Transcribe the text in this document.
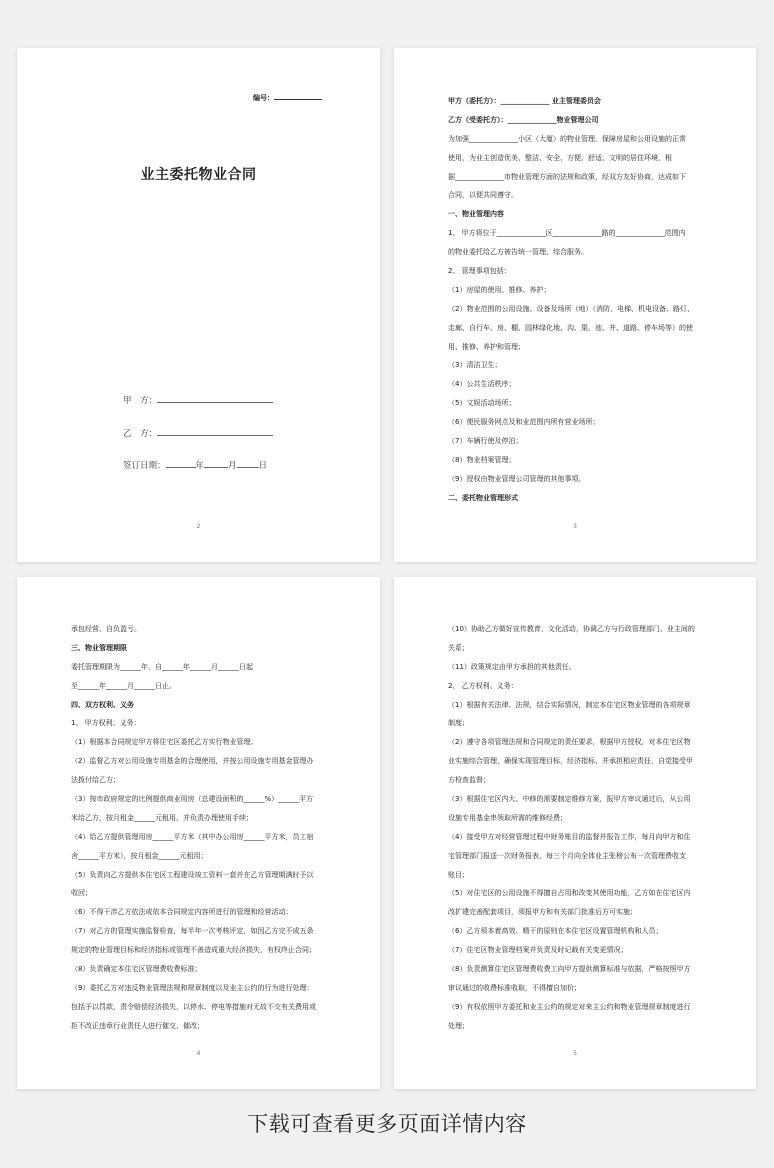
编号：
业主委托物业合同
甲　方：
乙　方：
签订日期：	年	月	日
2

甲方（委托方）：______________ 业主管理委员会

乙方（受委托方）：______________物业管理公司

为加强______________小区（大厦）的物业管理，保障房屋和公用设施的正常

使用，为业主创造优美、整洁、安全、方便、舒适、文明的居住环境，根

据______________市物业管理方面的法规和政策，经双方友好协商，达成如下

合同，以便共同遵守。

一、物业管理内容

1、 甲方将位于______________区______________路的______________范围内

的物业委托给乙方被告统一管理、综合服务。

2、 管理事项包括：

（1）房屋的使用、推修、养护；

（2）物业范围的公用设施、设备及场所（地）（消防、电梯、机电设备、路灯、

走廊、自行车、房、棚、园林绿化地、沟、渠、池、井、道路、停车场等）的使

用、推修、养护和管理；

（3）清洁卫生；

（4）公共生活秩序；

（5）文娱活动场所；

（6）便民服务网点及和业范围内所有营业场所；

（7）车辆行使及停泊；

（8）物业档案管理；

（9）授权由物业管理公司管理的其他事项。

二、委托物业管理形式

3

承包经营、自负盈亏。

三、物业管理期限

委托管理期限为______年，自______年______月______日起

至______年______月______日止。

四、双方权利、义务

1、 甲方权利、义务：

（1）根据本合同规定甲方将住宅区委托乙方实行物业管理；

（2）监督乙方对公用设施专用基金的合理使用，并按公用设施专用基金管理办

法拨付给乙方；

（3）按市政府规定的比例提供商业用房（总建设面积的______%）______平方

米给乙方，按月租金______元租用，并负责办理使用手续；

（4）给乙方提供管理用房______平方米（其中办公用房______平方米，员工宿

舍______平方米），按月租金______元租用；

（5）负责向乙方提供本住宅区工程建设竣工资料一套并在乙方管理期满时予以

收回；

（6）不得干涉乙方依法或依本合同规定内容所进行的管理和经营活动；

（7）对乙方的管理实施监督检查，每半年一次考核评定，如因乙方完不成五条

规定的物业管理目标和经济指标或管理不善造成重大经济损失，有权终止合同；

（8）负责确定本住宅区管理费收费标准；

（9）委托乙方对违反物业管理法规和规章制度以及业主公约的行为进行处理：

包括予以罚款、责令赔偿经济损失，以停水、停电等措施对无故不交有关费用或

拒不改正违章行业责任人进行催交、催改；

4

（10）协助乙方做好宣传教育、文化活动，协调乙方与行政管理部门、业主间的

关系；

（11）政策规定由甲方承担的其他责任。

2、 乙方权利、义务：

（1）根据有关法律、法规，结合实际情况，制定本住宅区物业管理的各项规章

制度；

（2）遵守各项管理法规和合同规定的责任要求，根据甲方授权，对本住宅区物

业实施综合管理，确保实现管理目标，经济指标，并承担相应责任，自觉接受甲

方检查监督；

（3）根据住宅区内大、中修的需要制定维修方案，报甲方审议通过后，从公用

设施专用基金串领取所需的维修经费；

（4）接受甲方对经营管理过程中财务账目的监督并报告工作，每月向甲方和住

宅管理部门报送一次财务报表，每三个月向全体业主张榜公布一次管理费收支

账目；

（5）对住宅区的公用设施不得擅自占用和改变其使用功能，乙方如在住宅区内

改扩建完善配套项目，须报甲方和有关部门批准后方可实施；

（6）乙方须本着高效、精干的原则在本住宅区设置管理机构和人员；

（7）住宅区物业管理档案并负责及时记载有关变更情况；

（8）负责测算住宅区管理费收费工向甲方提供测算标准与依据，严格按照甲方

审议通过的收费标准收取，不得擅自加价；

（9）有权依照甲方委托和业主公约的规定对来主公约和物业管理规章制度进行

处理；

5
下载可查看更多页面详情内容
